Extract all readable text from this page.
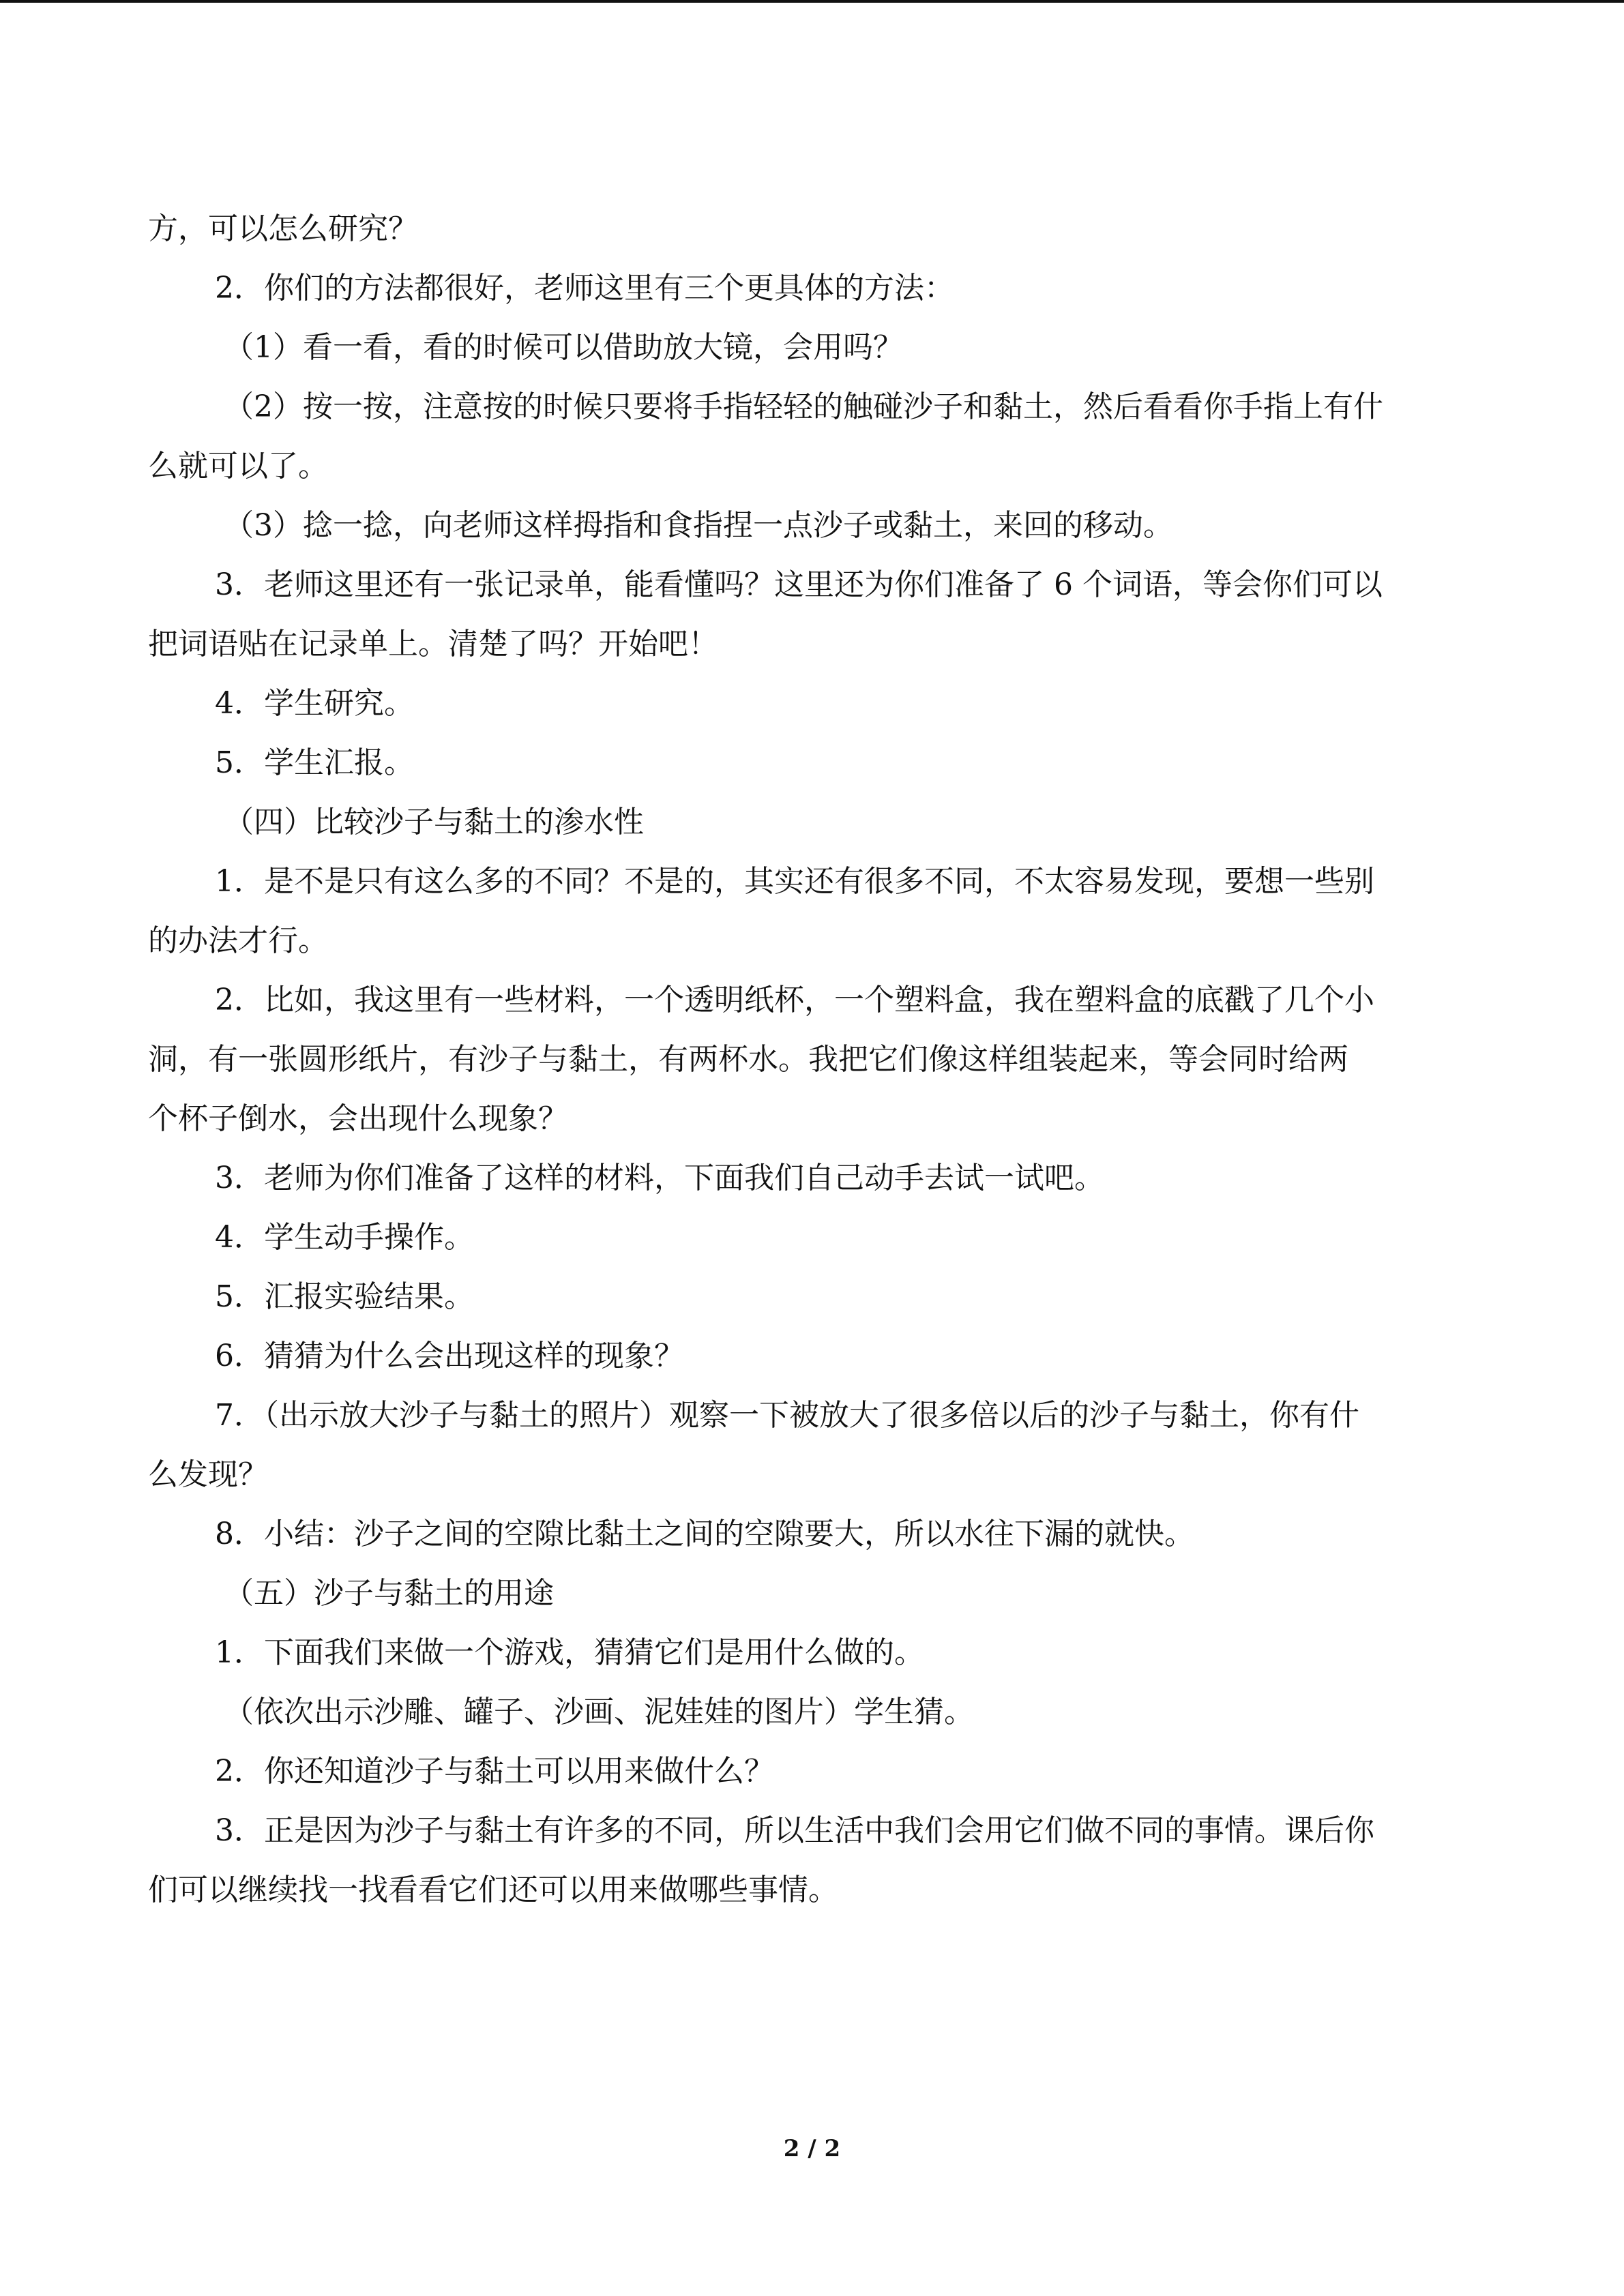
方，可以怎么研究？

2．你们的方法都很好，老师这里有三个更具体的方法：

（1）看一看，看的时候可以借助放大镜，会用吗？

（2）按一按，注意按的时候只要将手指轻轻的触碰沙子和黏土，然后看看你手指上有什

么就可以了。

（3）捻一捻，向老师这样拇指和食指捏一点沙子或黏土，来回的移动。

3．老师这里还有一张记录单，能看懂吗？这里还为你们准备了 6 个词语，等会你们可以

把词语贴在记录单上。清楚了吗？开始吧！

4．学生研究。

5．学生汇报。

（四）比较沙子与黏土的渗水性

1．是不是只有这么多的不同？不是的，其实还有很多不同，不太容易发现，要想一些别

的办法才行。

2．比如，我这里有一些材料，一个透明纸杯，一个塑料盒，我在塑料盒的底戳了几个小

洞，有一张圆形纸片，有沙子与黏土，有两杯水。我把它们像这样组装起来，等会同时给两

个杯子倒水，会出现什么现象？

3．老师为你们准备了这样的材料，下面我们自己动手去试一试吧。

4．学生动手操作。

5．汇报实验结果。

6．猜猜为什么会出现这样的现象？

7．（出示放大沙子与黏土的照片）观察一下被放大了很多倍以后的沙子与黏土，你有什

么发现？

8．小结：沙子之间的空隙比黏土之间的空隙要大，所以水往下漏的就快。

（五）沙子与黏土的用途

1．下面我们来做一个游戏，猜猜它们是用什么做的。

（依次出示沙雕、罐子、沙画、泥娃娃的图片）学生猜。

2．你还知道沙子与黏土可以用来做什么？

3．正是因为沙子与黏土有许多的不同，所以生活中我们会用它们做不同的事情。课后你

们可以继续找一找看看它们还可以用来做哪些事情。

2 / 2
